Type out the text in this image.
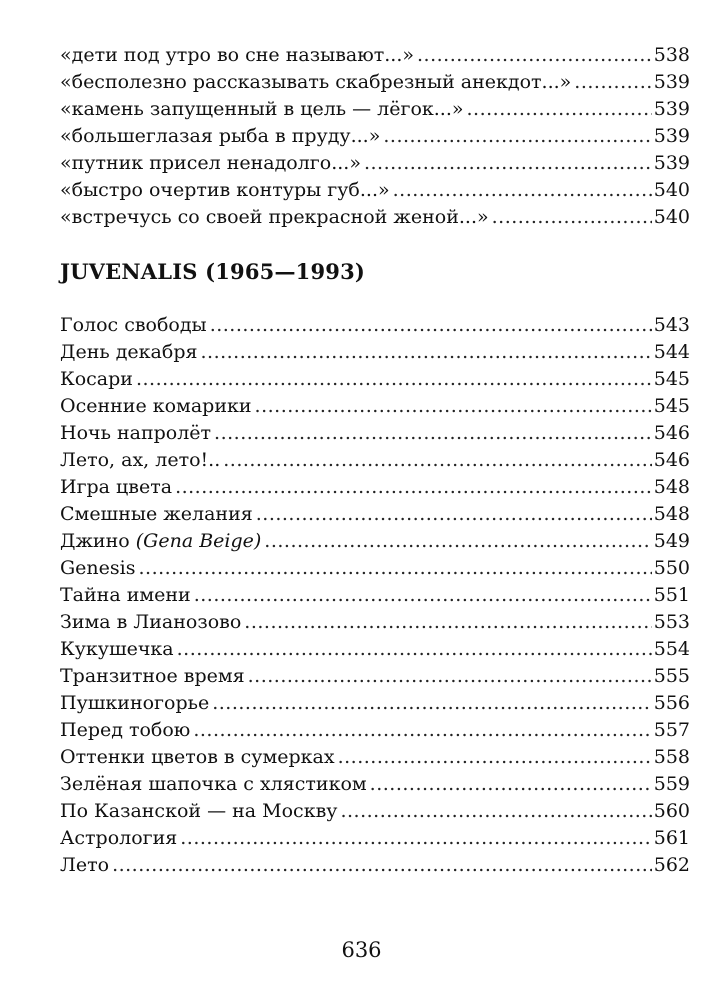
«дети под утро во сне называют...» .....	538
«бесполезно рассказывать скабрезный анекдот...» .....	539
«камень запущенный в цель — лёгок...» .....	539
«большеглазая рыба в пруду...» .....	539
«путник присел ненадолго...» .....	539
«быстро очертив контуры губ...» .....	540
«встречусь со своей прекрасной женой...» .....	540
JUVENALIS (1965—1993)
Голос свободы .....	543
День декабря .....	544
Косари .....	545
Осенние комарики .....	545
Ночь напролёт .....	546
Лето, ах, лето!.. .....	546
Игра цвета .....	548
Смешные желания .....	548
Джино (Gena Beige) .....	549
Genesis .....	550
Тайна имени .....	551
Зима в Лианозово .....	553
Кукушечка .....	554
Транзитное время .....	555
Пушкиногорье .....	556
Перед тобою .....	557
Оттенки цветов в сумерках .....	558
Зелёная шапочка с хлястиком .....	559
По Казанской — на Москву .....	560
Астрология .....	561
Лето .....	562
636
